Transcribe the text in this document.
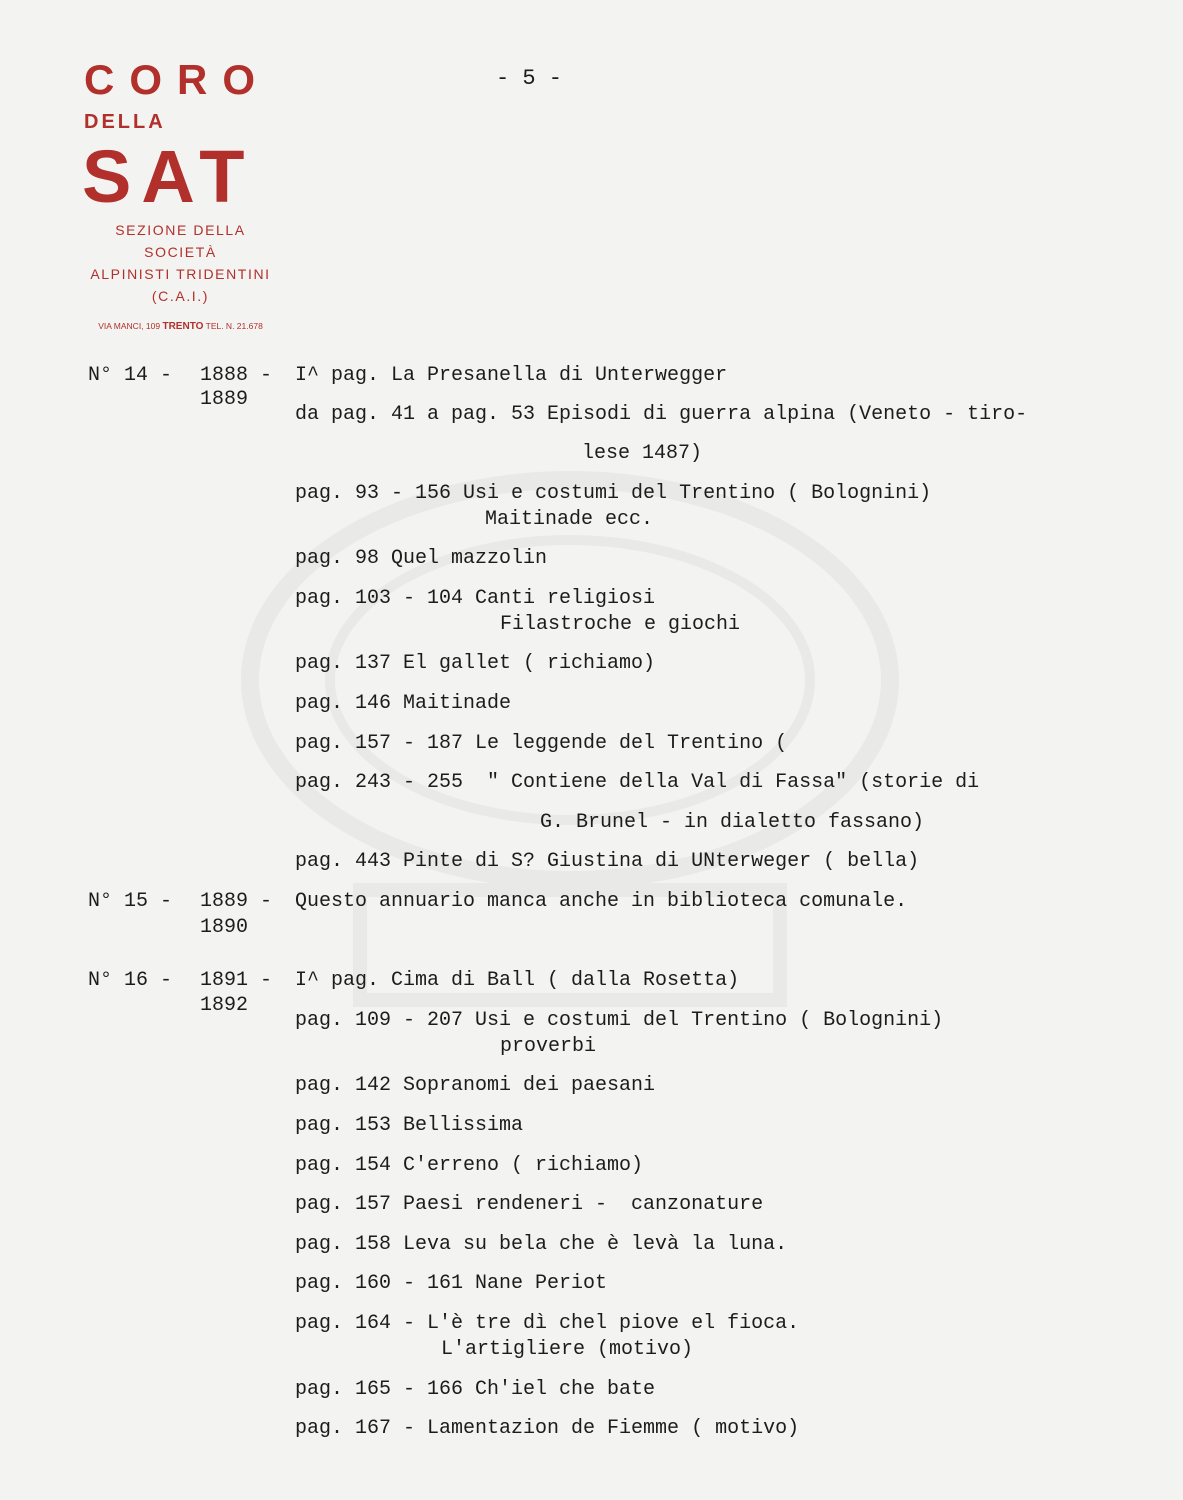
CORO
DELLA
SAT
SEZIONE DELLA SOCIETÀ
ALPINISTI TRIDENTINI
(C.A.I.)
VIA MANCI, 109 TRENTO TEL. N. 21.678
- 5 -
N° 14 - 1888 -
1889
I^ pag. La Presanella di Unterwegger
da pag. 41 a pag. 53 Episodi di guerra alpina (Veneto - tiro-
lese 1487)
pag. 93 - 156 Usi e costumi del Trentino ( Bolognini)
Maitinade ecc.
pag. 98 Quel mazzolin
pag. 103 - 104 Canti religiosi
Filastroche e giochi
pag. 137 El gallet ( richiamo)
pag. 146 Maitinade
pag. 157 - 187 Le leggende del Trentino (
pag. 243 - 255  " Contiene della Val di Fassa" (storie di
G. Brunel - in dialetto fassano)
pag. 443 Pinte di S? Giustina di UNterweger ( bella)
N° 15 - 1889 -
1890
Questo annuario manca anche in biblioteca comunale.
N° 16 - 1891 -
1892
I^ pag. Cima di Ball ( dalla Rosetta)
pag. 109 - 207 Usi e costumi del Trentino ( Bolognini)
proverbi
pag. 142 Sopranomi dei paesani
pag. 153 Bellissima
pag. 154 C'erreno ( richiamo)
pag. 157 Paesi rendeneri -  canzonature
pag. 158 Leva su bela che è levà la luna.
pag. 160 - 161 Nane Periot
pag. 164 - L'è tre dì chel piove el fioca.
L'artigliere (motivo)
pag. 165 - 166 Ch'iel che bate
pag. 167 - Lamentazion de Fiemme ( motivo)
